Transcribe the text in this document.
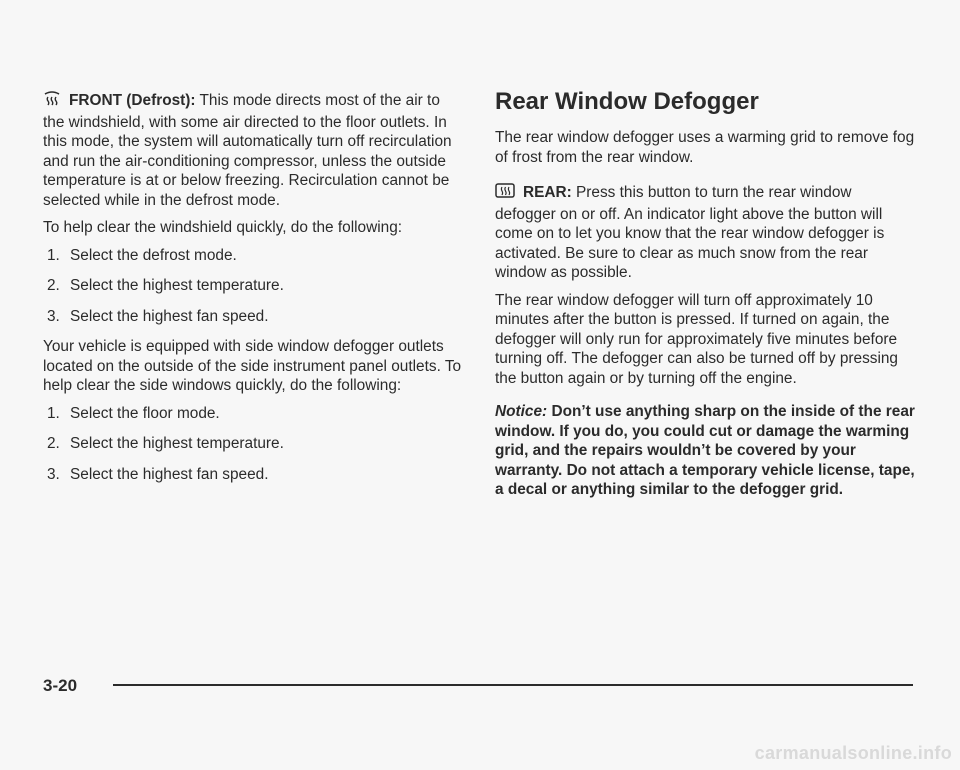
FRONT (Defrost): This mode directs most of the air to the windshield, with some air directed to the floor outlets. In this mode, the system will automatically turn off recirculation and run the air-conditioning compressor, unless the outside temperature is at or below freezing. Recirculation cannot be selected while in the defrost mode.

To help clear the windshield quickly, do the following:

1. Select the defrost mode.
2. Select the highest temperature.
3. Select the highest fan speed.

Your vehicle is equipped with side window defogger outlets located on the outside of the side instrument panel outlets. To help clear the side windows quickly, do the following:

1. Select the floor mode.
2. Select the highest temperature.
3. Select the highest fan speed.
Rear Window Defogger

The rear window defogger uses a warming grid to remove fog of frost from the rear window.

REAR: Press this button to turn the rear window defogger on or off. An indicator light above the button will come on to let you know that the rear window defogger is activated. Be sure to clear as much snow from the rear window as possible.

The rear window defogger will turn off approximately 10 minutes after the button is pressed. If turned on again, the defogger will only run for approximately five minutes before turning off. The defogger can also be turned off by pressing the button again or by turning off the engine.

Notice: Don’t use anything sharp on the inside of the rear window. If you do, you could cut or damage the warming grid, and the repairs wouldn’t be covered by your warranty. Do not attach a temporary vehicle license, tape, a decal or anything similar to the defogger grid.

3-20
carmanualsonline.info
